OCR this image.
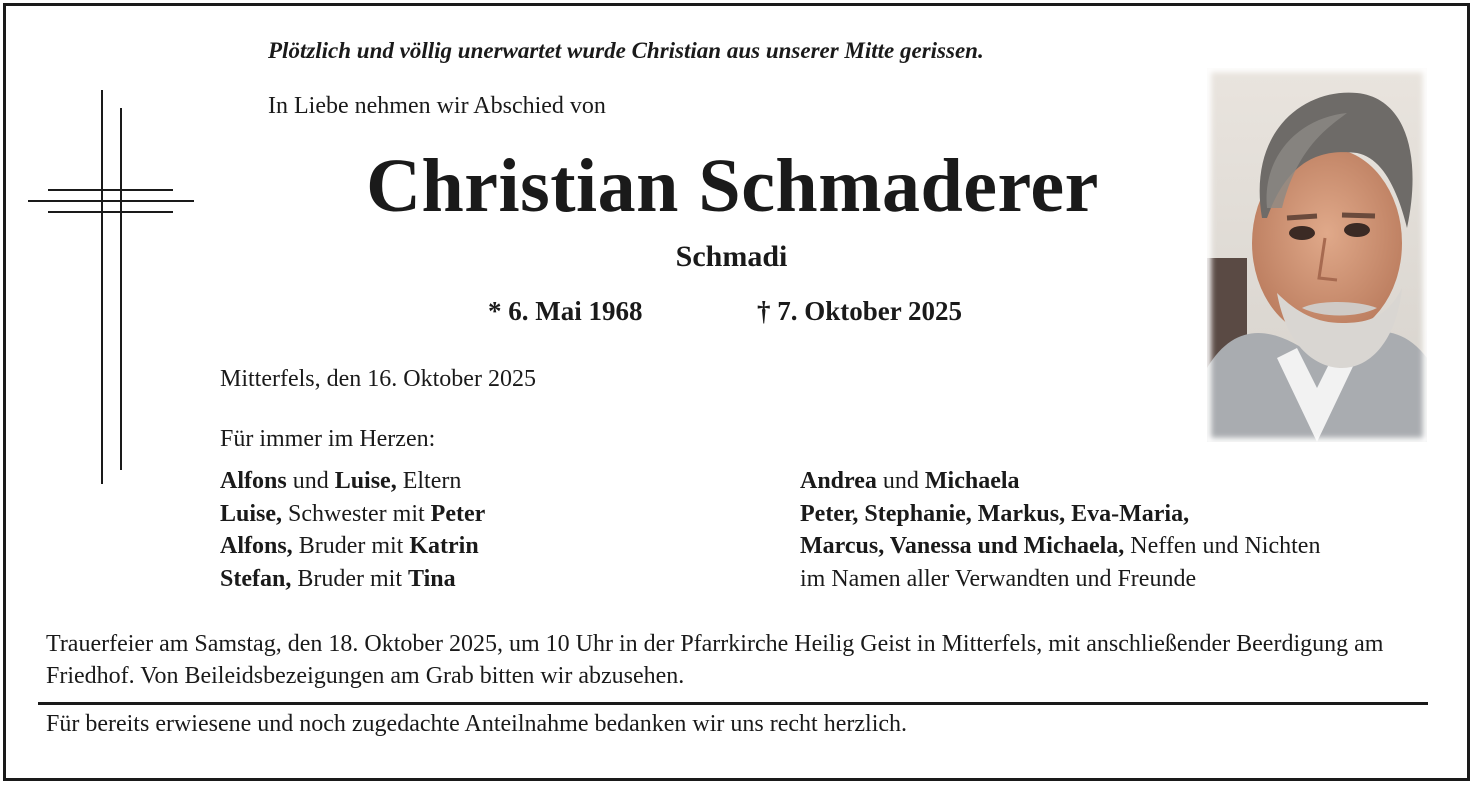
Plötzlich und völlig unerwartet wurde Christian aus unserer Mitte gerissen.
In Liebe nehmen wir Abschied von
Christian Schmaderer
Schmadi
* 6. Mai 1968	† 7. Oktober 2025
Mitterfels, den 16. Oktober 2025
Für immer im Herzen:
Alfons und Luise, Eltern
Luise, Schwester mit Peter
Alfons, Bruder mit Katrin
Stefan, Bruder mit Tina
Andrea und Michaela
Peter, Stephanie, Markus, Eva-Maria,
Marcus, Vanessa und Michaela, Neffen und Nichten
im Namen aller Verwandten und Freunde
Trauerfeier am Samstag, den 18. Oktober 2025, um 10 Uhr in der Pfarrkirche Heilig Geist in Mitterfels, mit anschließender Beerdigung am Friedhof. Von Beileidsbezeigungen am Grab bitten wir abzusehen.
Für bereits erwiesene und noch zugedachte Anteilnahme bedanken wir uns recht herzlich.
